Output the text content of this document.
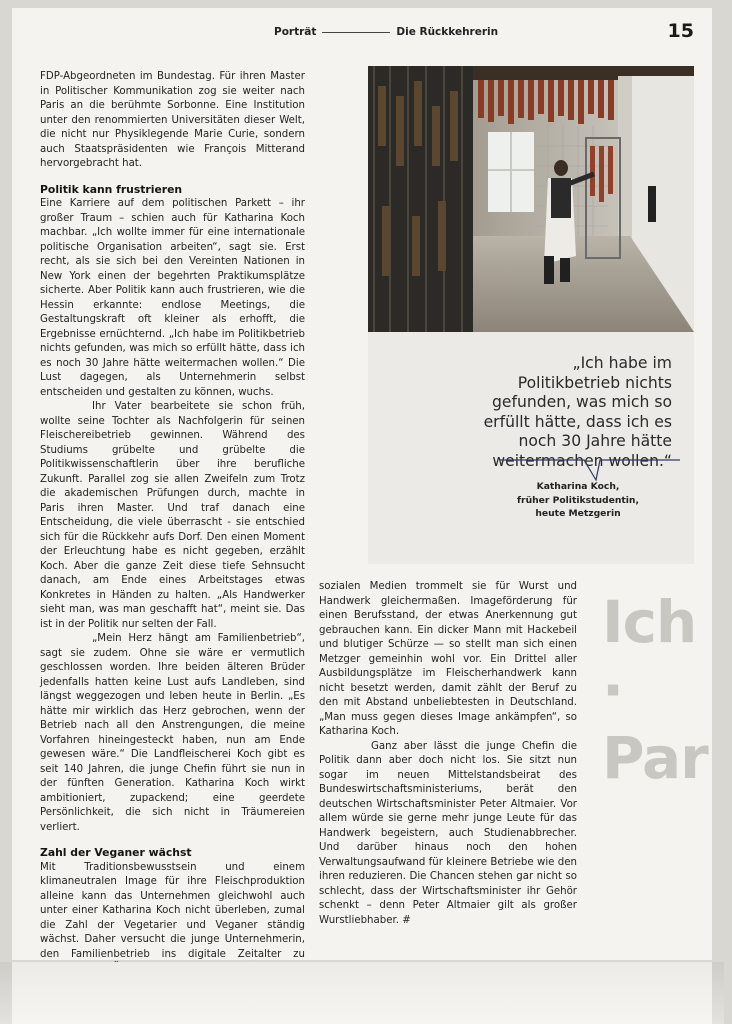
Porträt	Die Rückkehrerin	15

FDP-Abgeordneten im Bundestag. Für ihren Master in Politischer Kommunikation zog sie weiter nach Paris an die berühmte Sorbonne. Eine Institution unter den renommierten Universitäten dieser Welt, die nicht nur Physiklegende Marie Curie, sondern auch Staatspräsidenten wie François Mitterand hervorgebracht hat.

Politik kann frustrieren

Eine Karriere auf dem politischen Parkett – ihr großer Traum – schien auch für Katharina Koch machbar. „Ich wollte immer für eine internationale politische Organisation arbeiten“, sagt sie. Erst recht, als sie sich bei den Vereinten Nationen in New York einen der begehrten Praktikumsplätze sicherte. Aber Politik kann auch frustrieren, wie die Hessin erkannte: endlose Meetings, die Gestaltungskraft oft kleiner als erhofft, die Ergebnisse ernüchternd. „Ich habe im Politikbetrieb nichts gefunden, was mich so erfüllt hätte, dass ich es noch 30 Jahre hätte weitermachen wollen.“ Die Lust dagegen, als Unternehmerin selbst entscheiden und gestalten zu können, wuchs.

Ihr Vater bearbeitete sie schon früh, wollte seine Tochter als Nachfolgerin für seinen Fleischereibetrieb gewinnen. Während des Studiums grübelte und grübelte die Politikwissenschaftlerin über ihre berufliche Zukunft. Parallel zog sie allen Zweifeln zum Trotz die akademischen Prüfungen durch, machte in Paris ihren Master. Und traf danach eine Entscheidung, die viele überrascht - sie entschied sich für die Rückkehr aufs Dorf. Den einen Moment der Erleuchtung habe es nicht gegeben, erzählt Koch. Aber die ganze Zeit diese tiefe Sehnsucht danach, am Ende eines Arbeitstages etwas Konkretes in Händen zu halten. „Als Handwerker sieht man, was man geschafft hat“, meint sie. Das ist in der Politik nur selten der Fall.

„Mein Herz hängt am Familienbetrieb“, sagt sie zudem. Ohne sie wäre er vermutlich geschlossen worden. Ihre beiden älteren Brüder jedenfalls hatten keine Lust aufs Landleben, sind längst weggezogen und leben heute in Berlin. „Es hätte mir wirklich das Herz gebrochen, wenn der Betrieb nach all den Anstrengungen, die meine Vorfahren hineingesteckt haben, nun am Ende gewesen wäre.“ Die Landfleischerei Koch gibt es seit 140 Jahren, die junge Chefin führt sie nun in der fünften Generation. Katharina Koch wirkt ambitioniert, zupackend; eine geerdete Persönlichkeit, die sich nicht in Träumereien verliert.

Zahl der Veganer wächst

Mit Traditionsbewusstsein und einem klimaneutralen Image für ihre Fleischproduktion alleine kann das Unternehmen gleichwohl auch unter einer Katharina Koch nicht überleben, zumal die Zahl der Vegetarier und Veganer ständig wächst. Daher versucht die junge Unternehmerin, den Familienbetrieb ins digitale Zeitalter zu

„Ich habe im Politikbetrieb nichts gefunden, was mich so erfüllt hätte, dass ich es noch 30 Jahre hätte weitermachen wollen.“
Katharina Koch,
früher Politikstudentin,
heute Metzgerin

sozialen Medien trommelt sie für Wurst und Handwerk gleichermaßen. Imageförderung für einen Berufsstand, der etwas Anerkennung gut gebrauchen kann. Ein dicker Mann mit Hackebeil und blutiger Schürze — so stellt man sich einen Metzger gemeinhin wohl vor. Ein Drittel aller Ausbildungsplätze im Fleischerhandwerk kann nicht besetzt werden, damit zählt der Beruf zu den mit Abstand unbeliebtesten in Deutschland. „Man muss gegen dieses Image ankämpfen“, so Katharina Koch.

Ganz aber lässt die junge Chefin die Politik dann aber doch nicht los. Sie sitzt nun sogar im neuen Mittelstandsbeirat des Bundeswirtschaftsministeriums, berät den deutschen Wirtschaftsminister Peter Altmaier. Vor allem würde sie gerne mehr junge Leute für das Handwerk begeistern, auch Studienabbrecher. Und darüber hinaus noch den hohen Verwaltungsaufwand für kleinere Betriebe wie den ihren reduzieren. Die Chancen stehen gar nicht so schlecht, dass der Wirtschaftsminister ihr Gehör schenkt – denn Peter Altmaier gilt als großer Wurstliebhaber. #

Ich · Par
